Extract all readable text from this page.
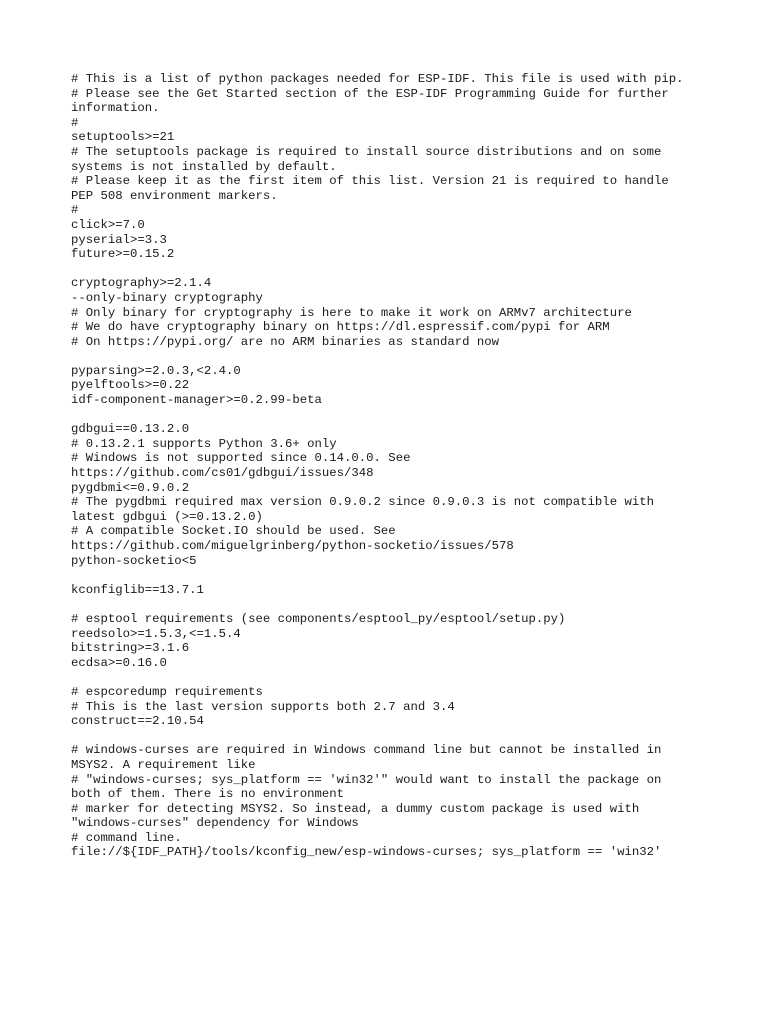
# This is a list of python packages needed for ESP-IDF. This file is used with pip.
# Please see the Get Started section of the ESP-IDF Programming Guide for further
information.
#
setuptools>=21
# The setuptools package is required to install source distributions and on some
systems is not installed by default.
# Please keep it as the first item of this list. Version 21 is required to handle
PEP 508 environment markers.
#
click>=7.0
pyserial>=3.3
future>=0.15.2
cryptography>=2.1.4
--only-binary cryptography
# Only binary for cryptography is here to make it work on ARMv7 architecture
# We do have cryptography binary on https://dl.espressif.com/pypi for ARM
# On https://pypi.org/ are no ARM binaries as standard now
pyparsing>=2.0.3,<2.4.0
pyelftools>=0.22
idf-component-manager>=0.2.99-beta
gdbgui==0.13.2.0
# 0.13.2.1 supports Python 3.6+ only
# Windows is not supported since 0.14.0.0. See
https://github.com/cs01/gdbgui/issues/348
pygdbmi<=0.9.0.2
# The pygdbmi required max version 0.9.0.2 since 0.9.0.3 is not compatible with
latest gdbgui (>=0.13.2.0)
# A compatible Socket.IO should be used. See
https://github.com/miguelgrinberg/python-socketio/issues/578
python-socketio<5
kconfiglib==13.7.1
# esptool requirements (see components/esptool_py/esptool/setup.py)
reedsolo>=1.5.3,<=1.5.4
bitstring>=3.1.6
ecdsa>=0.16.0
# espcoredump requirements
# This is the last version supports both 2.7 and 3.4
construct==2.10.54
# windows-curses are required in Windows command line but cannot be installed in
MSYS2. A requirement like
# "windows-curses; sys_platform == 'win32'" would want to install the package on
both of them. There is no environment
# marker for detecting MSYS2. So instead, a dummy custom package is used with
"windows-curses" dependency for Windows
# command line.
file://${IDF_PATH}/tools/kconfig_new/esp-windows-curses; sys_platform == 'win32'
